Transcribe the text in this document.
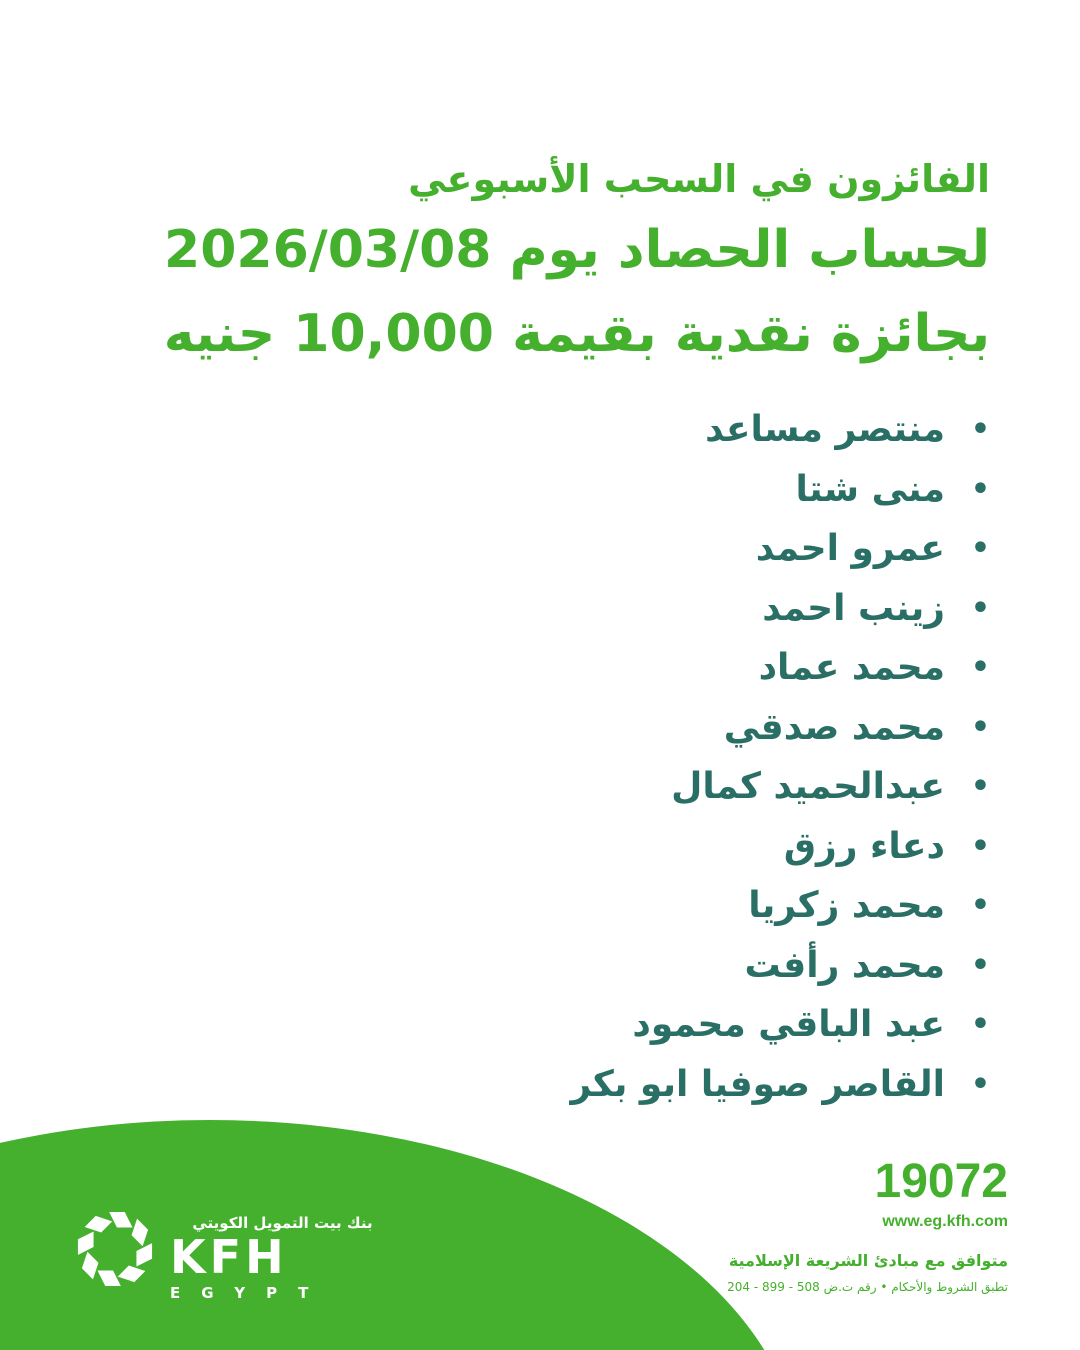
الفائزون في السحب الأسبوعي
لحساب الحصاد يوم 2026/03/08
بجائزة نقدية بقيمة 10,000 جنيه
•
منتصر مساعد
•
منى شتا
•
عمرو احمد
•
زينب احمد
•
محمد عماد
•
محمد صدقي
•
عبدالحميد كمال
•
دعاء رزق
•
محمد زكريا
•
محمد رأفت
•
عبد الباقي محمود
•
القاصر صوفيا ابو بكر
بنك بيت التمويل الكويتي
KFH
EGYPT
19072
www.eg.kfh.com
متوافق مع مبادئ الشريعة الإسلامية
تطبق الشروط والأحكام • رقم ت.ض 508 - 899 - 204
